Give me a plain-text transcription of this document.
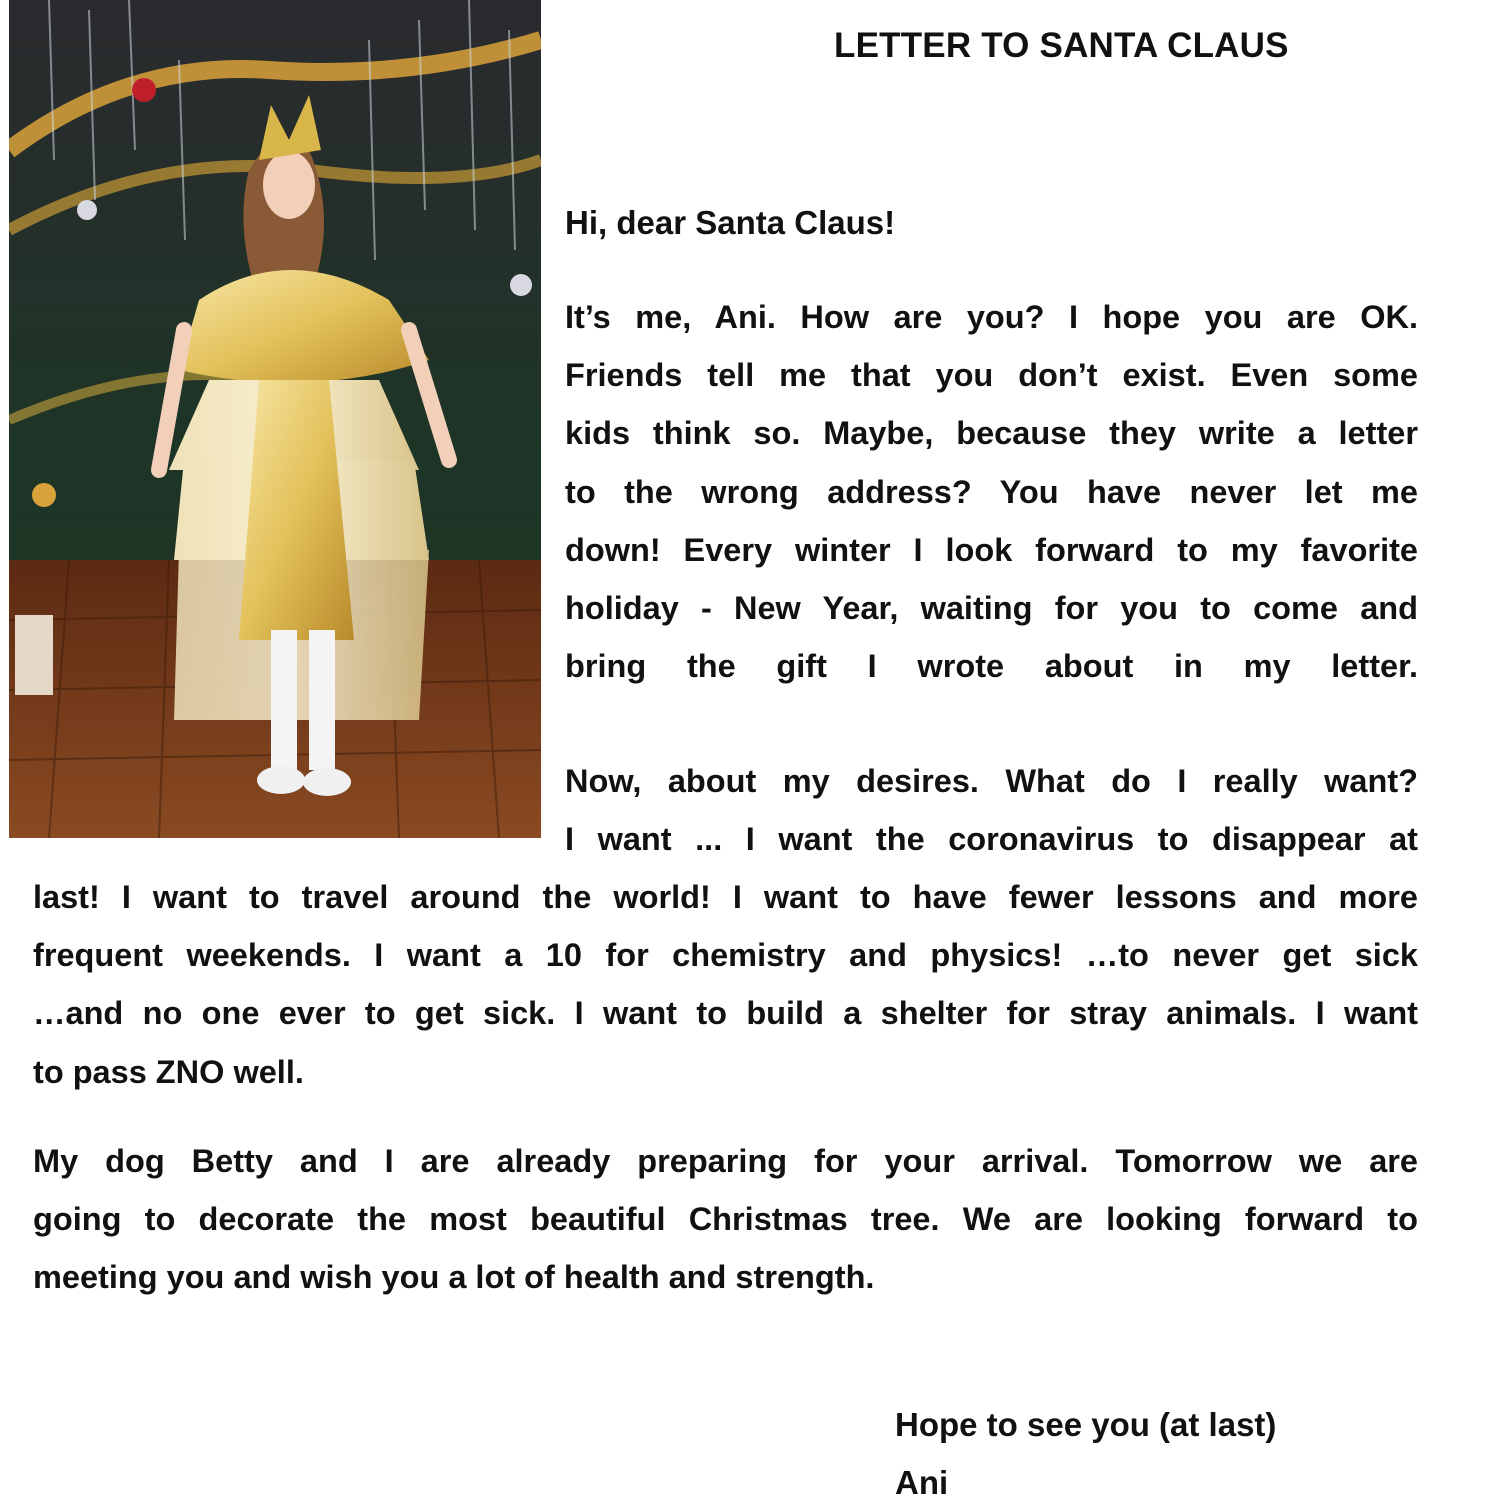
LETTER TO SANTA CLAUS
Hi, dear Santa Claus!
It’s me, Ani. How are you? I hope you are OK.
Friends tell me that you don’t exist. Even some
kids think so. Maybe, because they write a letter
to the wrong address? You have never let me
down! Every winter I look forward to my favorite
holiday - New Year, waiting for you to come and
bring the gift I wrote about in my letter.
Now, about my desires. What do I really want?
I want ... I want the coronavirus to disappear at
last! I want to travel around the world! I want to have fewer lessons and more
frequent weekends. I want a 10 for chemistry and physics! …to never get sick
…and no one ever to get sick. I want to build a shelter for stray animals. I want
to pass ZNO well.
My dog Betty and I are already preparing for your arrival. Tomorrow we are
going to decorate the most beautiful Christmas tree. We are looking forward to
meeting you and wish you a lot of health and strength.
Hope to see you (at last)
Ani
